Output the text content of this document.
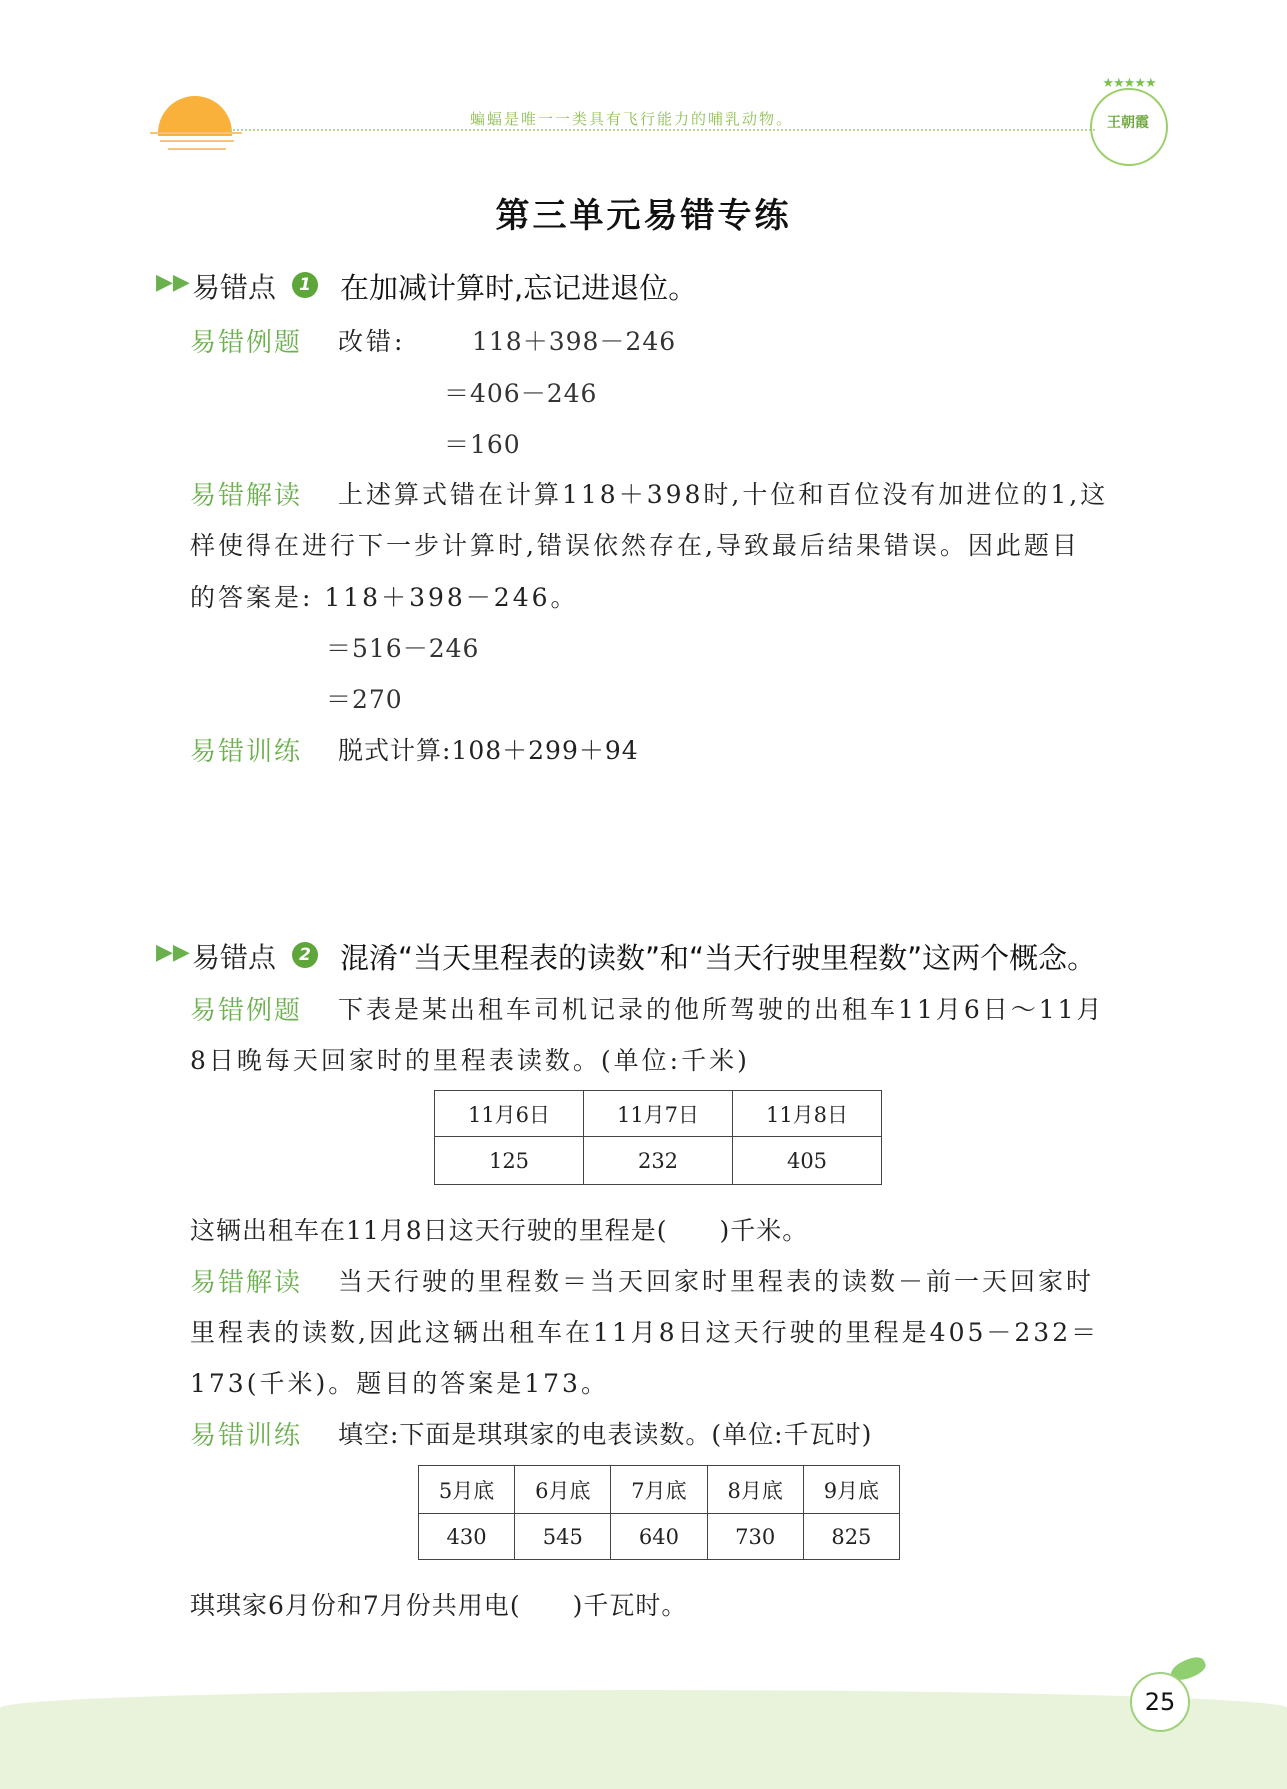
蝙蝠是唯一一类具有飞行能力的哺乳动物。
★★★★★
王朝霞
第三单元易错专练
▶▶ 易错点	1 在加减计算时,忘记进退位。
易错例题 改错:	118＋398－246
＝406－246
＝160
易错解读 上述算式错在计算118＋398时,十位和百位没有加进位的1,这
样使得在进行下一步计算时,错误依然存在,导致最后结果错误。因此题目
的答案是: 118＋398－246。
＝516－246
＝270
易错训练 脱式计算:108＋299＋94
▶▶ 易错点	2 混淆“当天里程表的读数”和“当天行驶里程数”这两个概念。
易错例题 下表是某出租车司机记录的他所驾驶的出租车11月6日～11月
8日晚每天回家时的里程表读数。(单位:千米)
11月6日	11月7日	11月8日
125	232	405
这辆出租车在11月8日这天行驶的里程是(　　)千米。
易错解读 当天行驶的里程数＝当天回家时里程表的读数－前一天回家时
里程表的读数,因此这辆出租车在11月8日这天行驶的里程是405－232＝
173(千米)。题目的答案是173。
易错训练 填空:下面是琪琪家的电表读数。(单位:千瓦时)
5月底	6月底	7月底	8月底	9月底
430	545	640	730	825
琪琪家6月份和7月份共用电(　　)千瓦时。
25
